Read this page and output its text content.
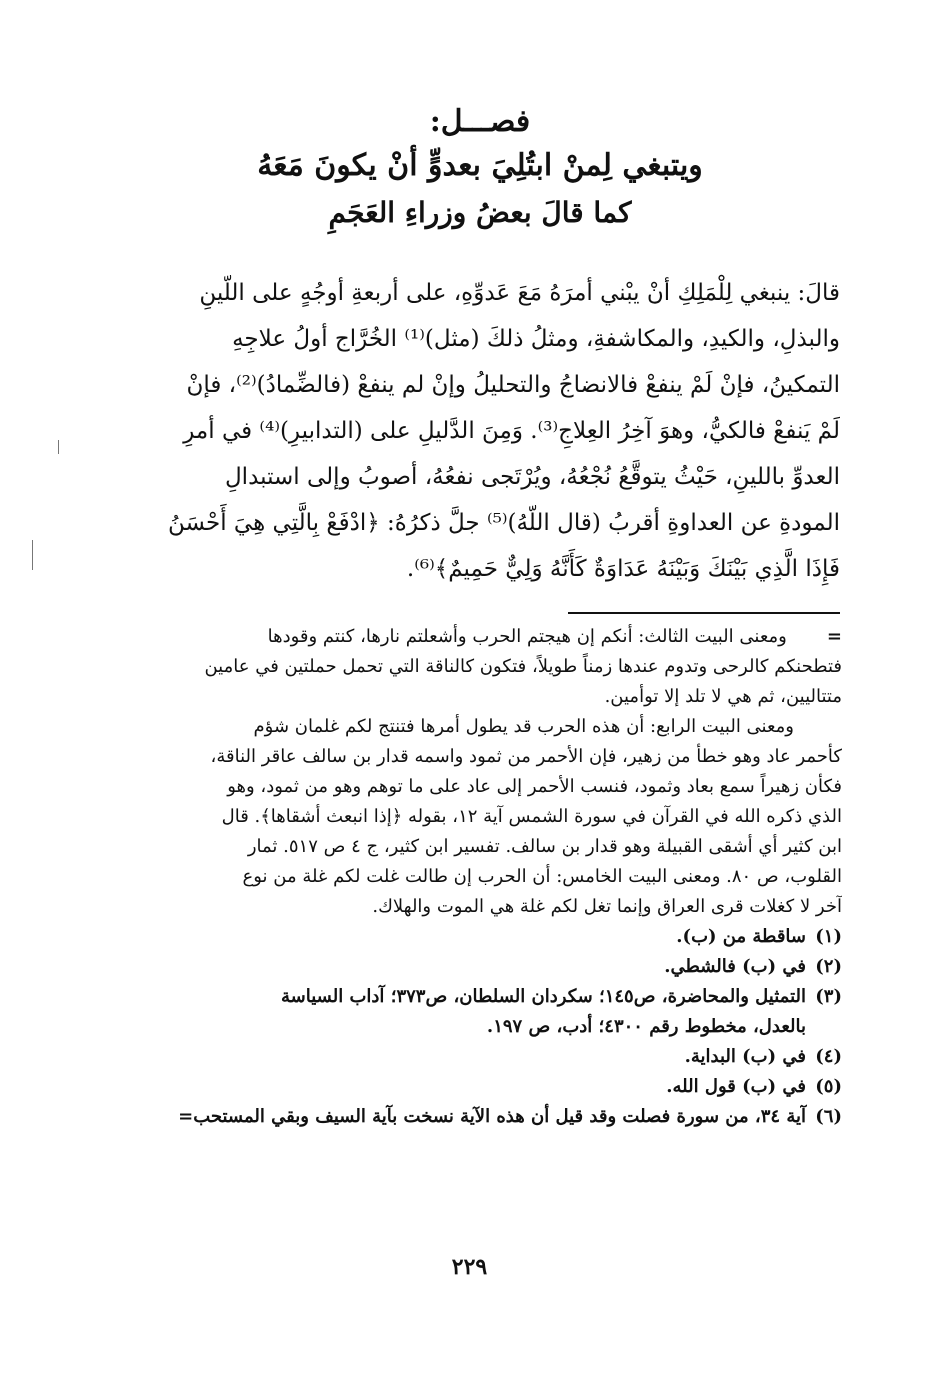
فصـــل:
ويتبغي لِمنْ ابتُلِيَ بعدوٍّ أنْ يكونَ مَعَهُ
كما قالَ بعضُ وزراءِ العَجَمِ
قالَ: ينبغي لِلْمَلِكِ أنْ يبْني أمرَهُ مَعَ عَدوِّهِ، على أربعةِ أوجُهٍ على اللّينِ
والبذلِ، والكيدِ، والمكاشفةِ، ومثلُ ذلكَ (مثل)⁽¹⁾ الخُرَّاج أولُ علاجِهِ
التمكينُ، فإنْ لَمْ ينفعْ فالانضاجُ والتحليلُ وإنْ لم ينفعْ (فالضِّمادُ)⁽²⁾، فإنْ
لَمْ يَنفعْ فالكيُّ، وهوَ آخِرُ العِلاجِ⁽³⁾. وَمِنَ الدَّليلِ على (التدابيرِ)⁽⁴⁾ في أمرِ
العدوِّ باللينِ، حَيْثُ يتوقَّعُ نُجْعُهُ، ويُرْتَجى نفعُهُ، أصوبُ وإلى استبدالِ
المودةِ عن العداوةِ أقربُ (قال اللّهُ)⁽⁵⁾ جلَّ ذكرُهُ: ﴿ادْفَعْ بِالَّتِي هِيَ أَحْسَنُ
فَإِذَا الَّذِي بَيْنَكَ وَبَيْنَهُ عَدَاوَةٌ كَأَنَّهُ وَلِيٌّ حَمِيمٌ﴾⁽⁶⁾.
=       ومعنى البيت الثالث: أنكم إن هيجتم الحرب وأشعلتم نارها، كنتم وقودها
فتطحنكم كالرحى وتدوم عندها زمناً طويلاً، فتكون كالناقة التي تحمل حملتين في عامين
متتاليين، ثم هي لا تلد إلا توأمين.
ومعنى البيت الرابع: أن هذه الحرب قد يطول أمرها فتنتج لكم غلمان شؤم
كأحمر عاد وهو خطأ من زهير، فإن الأحمر من ثمود واسمه قدار بن سالف عاقر الناقة،
فكأن زهيراً سمع بعاد وثمود، فنسب الأحمر إلى عاد على ما توهم وهو من ثمود، وهو
الذي ذكره الله في القرآن في سورة الشمس آية ١٢، بقوله ﴿إذا انبعث أشقاها﴾. قال
ابن كثير أي أشقى القبيلة وهو قدار بن سالف. تفسير ابن كثير، ج ٤ ص ٥١٧. ثمار
القلوب، ص ٨٠. ومعنى البيت الخامس: أن الحرب إن طالت غلت لكم غلة من نوع
آخر لا كغلات قرى العراق وإنما تغل لكم غلة هي الموت والهلاك.
(١)ساقطة من (ب).
(٢)في (ب) فالشطي.
(٣)التمثيل والمحاضرة، ص١٤٥؛ سكردان السلطان، ص٣٧٣؛ آداب السياسة
بالعدل، مخطوط رقم ٤٣٠٠؛ أدب، ص ١٩٧.
(٤)في (ب) البداية.
(٥)في (ب) قول الله.
(٦)آية ٣٤، من سورة فصلت وقد قيل أن هذه الآية نسخت بآية السيف وبقي المستحب=
٢٢٩
